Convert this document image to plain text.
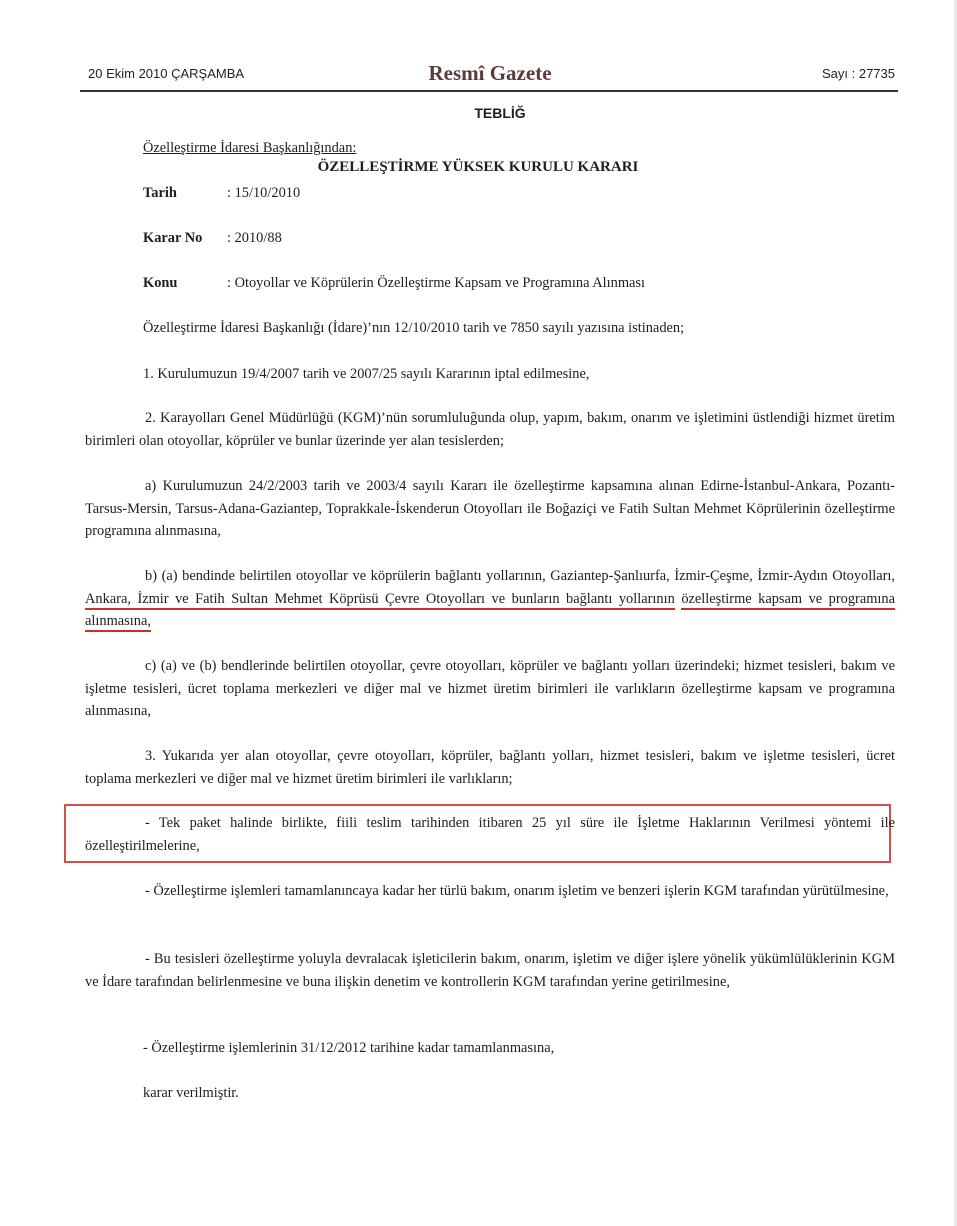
20 Ekim 2010 ÇARŞAMBA	Resmî Gazete	Sayı : 27735
TEBLİĞ
Özelleştirme İdaresi Başkanlığından:
ÖZELLEŞTİRME YÜKSEK KURULU KARARI
Tarih	: 15/10/2010
Karar No : 2010/88
Konu	: Otoyollar ve Köprülerin Özelleştirme Kapsam ve Programına Alınması
Özelleştirme İdaresi Başkanlığı (İdare)’nın 12/10/2010 tarih ve 7850 sayılı yazısına istinaden;
1. Kurulumuzun 19/4/2007 tarih ve 2007/25 sayılı Kararının iptal edilmesine,
2. Karayolları Genel Müdürlüğü (KGM)’nün sorumluluğunda olup, yapım, bakım, onarım ve işletimini üstlendiği hizmet üretim birimleri olan otoyollar, köprüler ve bunlar üzerinde yer alan tesislerden;
a) Kurulumuzun 24/2/2003 tarih ve 2003/4 sayılı Kararı ile özelleştirme kapsamına alınan Edirne-İstanbul-Ankara, Pozantı-Tarsus-Mersin, Tarsus-Adana-Gaziantep, Toprakkale-İskenderun Otoyolları ile Boğaziçi ve Fatih Sultan Mehmet Köprülerinin özelleştirme programına alınmasına,
b) (a) bendinde belirtilen otoyollar ve köprülerin bağlantı yollarının, Gaziantep-Şanlıurfa, İzmir-Çeşme, İzmir-Aydın Otoyolları, Ankara, İzmir ve Fatih Sultan Mehmet Köprüsü Çevre Otoyolları ve bunların bağlantı yollarının özelleştirme kapsam ve programına alınmasına,
c) (a) ve (b) bendlerinde belirtilen otoyollar, çevre otoyolları, köprüler ve bağlantı yolları üzerindeki; hizmet tesisleri, bakım ve işletme tesisleri, ücret toplama merkezleri ve diğer mal ve hizmet üretim birimleri ile varlıkların özelleştirme kapsam ve programına alınmasına,
3. Yukarıda yer alan otoyollar, çevre otoyolları, köprüler, bağlantı yolları, hizmet tesisleri, bakım ve işletme tesisleri, ücret toplama merkezleri ve diğer mal ve hizmet üretim birimleri ile varlıkların;
- Tek paket halinde birlikte, fiili teslim tarihinden itibaren 25 yıl süre ile İşletme Haklarının Verilmesi yöntemi ile özelleştirilmelerine,
- Özelleştirme işlemleri tamamlanıncaya kadar her türlü bakım, onarım işletim ve benzeri işlerin KGM tarafından yürütülmesine,
- Bu tesisleri özelleştirme yoluyla devralacak işleticilerin bakım, onarım, işletim ve diğer işlere yönelik yükümlülüklerinin KGM ve İdare tarafından belirlenmesine ve buna ilişkin denetim ve kontrollerin KGM tarafından yerine getirilmesine,
- Özelleştirme işlemlerinin 31/12/2012 tarihine kadar tamamlanmasına,
karar verilmiştir.
